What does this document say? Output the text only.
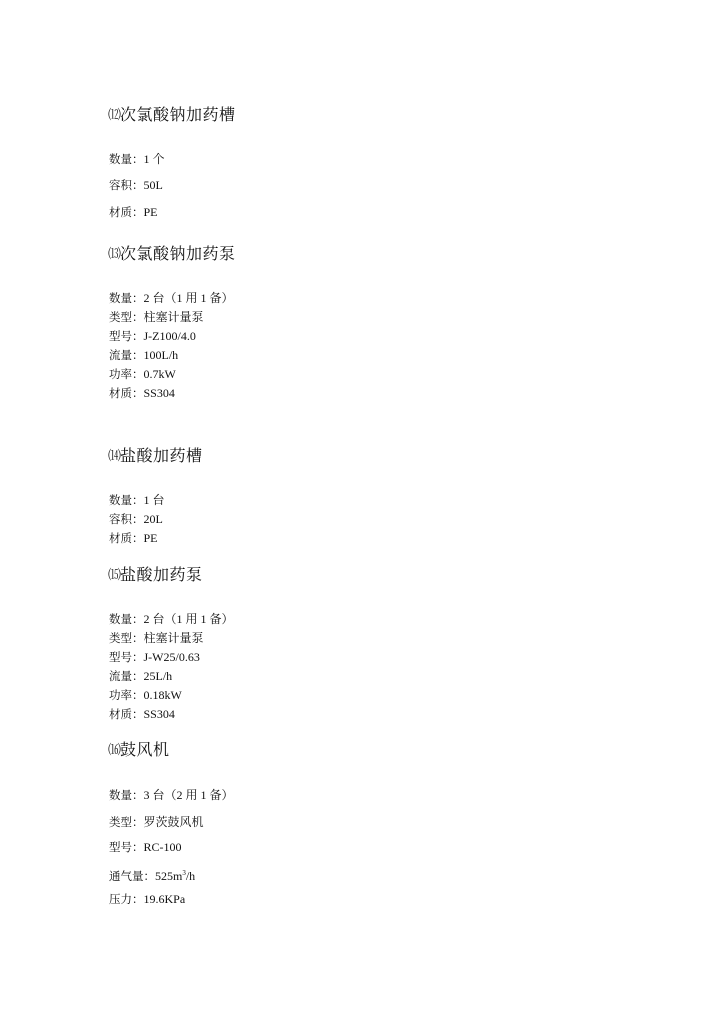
⑿次氯酸钠加药槽
数量：1 个
容积：50L
材质：PE
⒀次氯酸钠加药泵
数量：2 台（1 用 1 备）
类型：柱塞计量泵
型号：J-Z100/4.0
流量：100L/h
功率：0.7kW
材质：SS304
⒁盐酸加药槽
数量：1 台
容积：20L
材质：PE
⒂盐酸加药泵
数量：2 台（1 用 1 备）
类型：柱塞计量泵
型号：J-W25/0.63
流量：25L/h
功率：0.18kW
材质：SS304
⒃鼓风机
数量：3 台（2 用 1 备）
类型：罗茨鼓风机
型号：RC-100
通气量：$525m^3/h$
压力：19.6KPa
